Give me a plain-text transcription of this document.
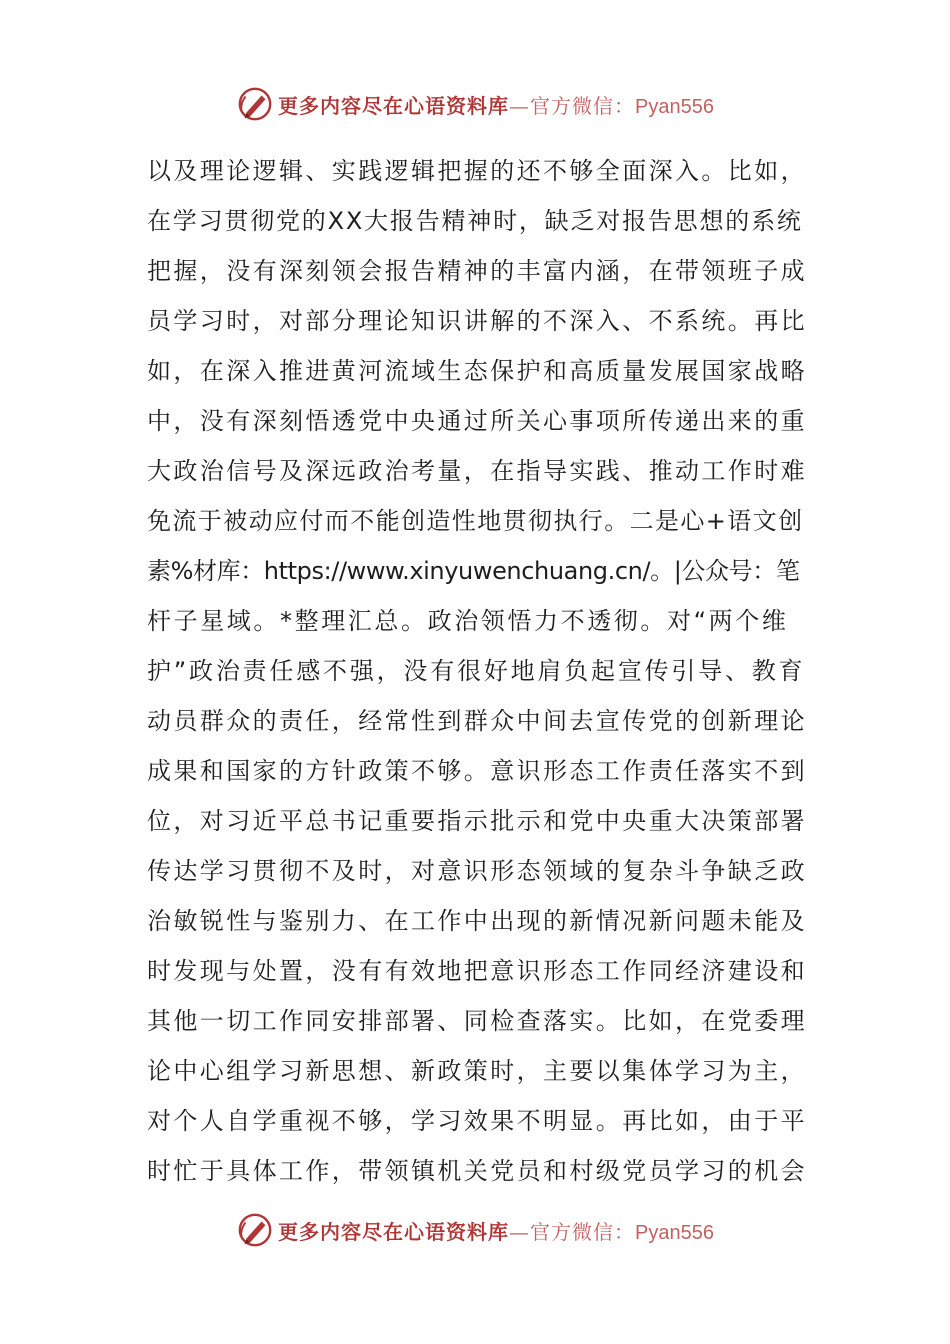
更多内容尽在心语资料库—官方微信：Pyan556
以及理论逻辑、实践逻辑把握的还不够全面深入。比如，
在学习贯彻党的XX大报告精神时，缺乏对报告思想的系统
把握，没有深刻领会报告精神的丰富内涵，在带领班子成
员学习时，对部分理论知识讲解的不深入、不系统。再比
如，在深入推进黄河流域生态保护和高质量发展国家战略
中，没有深刻悟透党中央通过所关心事项所传递出来的重
大政治信号及深远政治考量，在指导实践、推动工作时难
免流于被动应付而不能创造性地贯彻执行。二是心+语文创
素%材库：https://www.xinyuwenchuang.cn/。|公众号：笔
杆子星域。*整理汇总。政治领悟力不透彻。对“两个维
护”政治责任感不强，没有很好地肩负起宣传引导、教育
动员群众的责任，经常性到群众中间去宣传党的创新理论
成果和国家的方针政策不够。意识形态工作责任落实不到
位，对习近平总书记重要指示批示和党中央重大决策部署
传达学习贯彻不及时，对意识形态领域的复杂斗争缺乏政
治敏锐性与鉴别力、在工作中出现的新情况新问题未能及
时发现与处置，没有有效地把意识形态工作同经济建设和
其他一切工作同安排部署、同检查落实。比如，在党委理
论中心组学习新思想、新政策时，主要以集体学习为主，
对个人自学重视不够，学习效果不明显。再比如，由于平
时忙于具体工作，带领镇机关党员和村级党员学习的机会
更多内容尽在心语资料库—官方微信：Pyan556
